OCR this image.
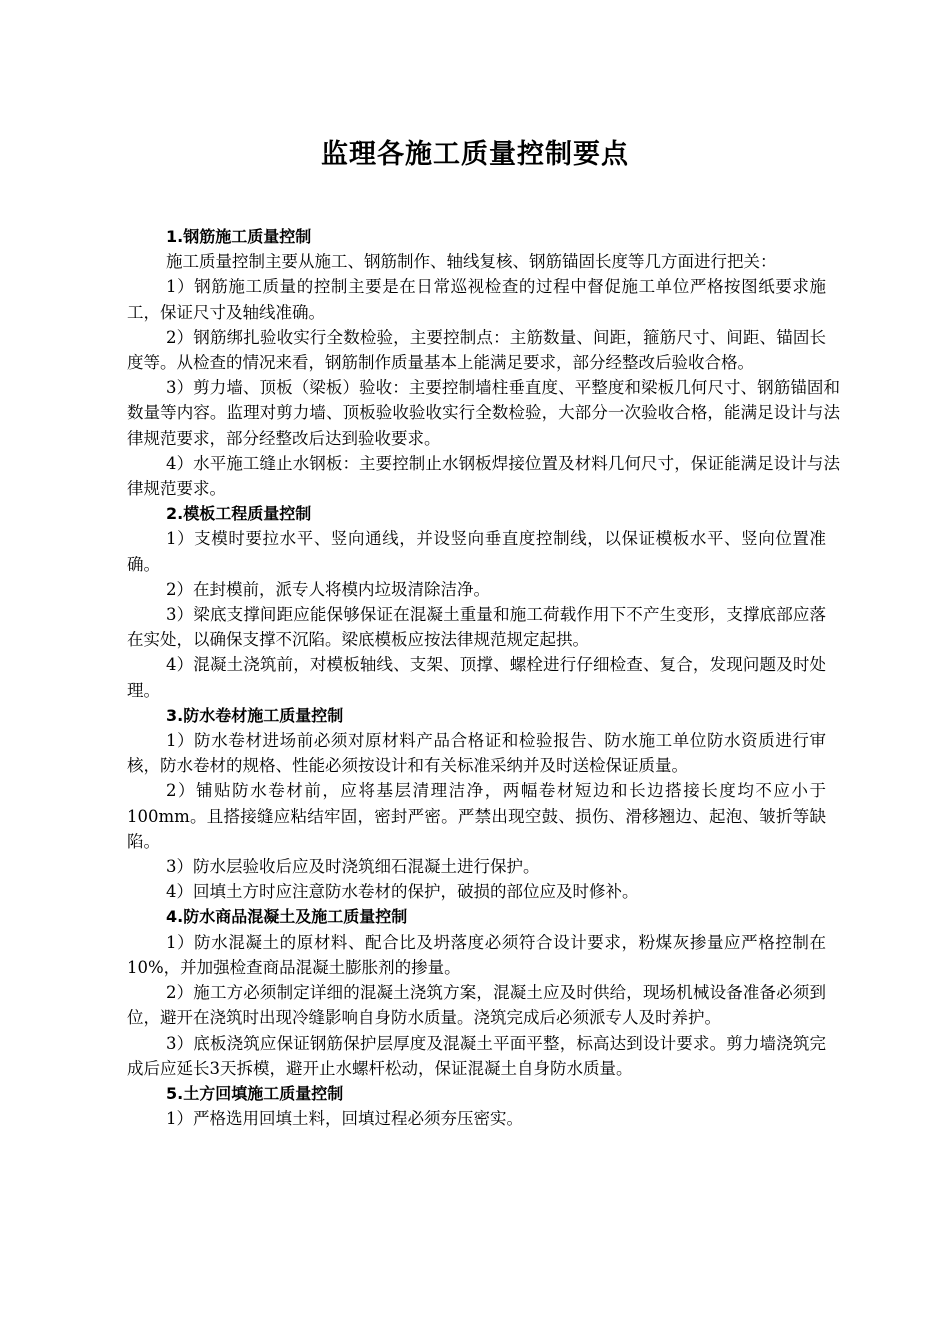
监理各施工质量控制要点

1.钢筋施工质量控制

施工质量控制主要从施工、钢筋制作、轴线复核、钢筋锚固长度等几方面进行把关：

1）钢筋施工质量的控制主要是在日常巡视检查的过程中督促施工单位严格按图纸要求施工，保证尺寸及轴线准确。

2）钢筋绑扎验收实行全数检验，主要控制点：主筋数量、间距，箍筋尺寸、间距、锚固长度等。从检查的情况来看，钢筋制作质量基本上能满足要求，部分经整改后验收合格。

3）剪力墙、顶板（梁板）验收：主要控制墙柱垂直度、平整度和梁板几何尺寸、钢筋锚固和数量等内容。监理对剪力墙、顶板验收验收实行全数检验，大部分一次验收合格，能满足设计与法律规范要求，部分经整改后达到验收要求。

4）水平施工缝止水钢板：主要控制止水钢板焊接位置及材料几何尺寸，保证能满足设计与法律规范要求。

2.模板工程质量控制

1）支模时要拉水平、竖向通线，并设竖向垂直度控制线，以保证模板水平、竖向位置准确。

2）在封模前，派专人将模内垃圾清除洁净。

3）梁底支撑间距应能保够保证在混凝土重量和施工荷载作用下不产生变形，支撑底部应落在实处，以确保支撑不沉陷。梁底模板应按法律规范规定起拱。

4）混凝土浇筑前，对模板轴线、支架、顶撑、螺栓进行仔细检查、复合，发现问题及时处理。

3.防水卷材施工质量控制

1）防水卷材进场前必须对原材料产品合格证和检验报告、防水施工单位防水资质进行审核，防水卷材的规格、性能必须按设计和有关标准采纳并及时送检保证质量。

2）铺贴防水卷材前，应将基层清理洁净，两幅卷材短边和长边搭接长度均不应小于100mm。且搭接缝应粘结牢固，密封严密。严禁出现空鼓、损伤、滑移翘边、起泡、皱折等缺陷。

3）防水层验收后应及时浇筑细石混凝土进行保护。

4）回填土方时应注意防水卷材的保护，破损的部位应及时修补。

4.防水商品混凝土及施工质量控制

1）防水混凝土的原材料、配合比及坍落度必须符合设计要求，粉煤灰掺量应严格控制在10%，并加强检查商品混凝土膨胀剂的掺量。

2）施工方必须制定详细的混凝土浇筑方案，混凝土应及时供给，现场机械设备准备必须到位，避开在浇筑时出现冷缝影响自身防水质量。浇筑完成后必须派专人及时养护。

3）底板浇筑应保证钢筋保护层厚度及混凝土平面平整，标高达到设计要求。剪力墙浇筑完成后应延长3天拆模，避开止水螺杆松动，保证混凝土自身防水质量。

5.土方回填施工质量控制

1）严格选用回填土料，回填过程必须夯压密实。
